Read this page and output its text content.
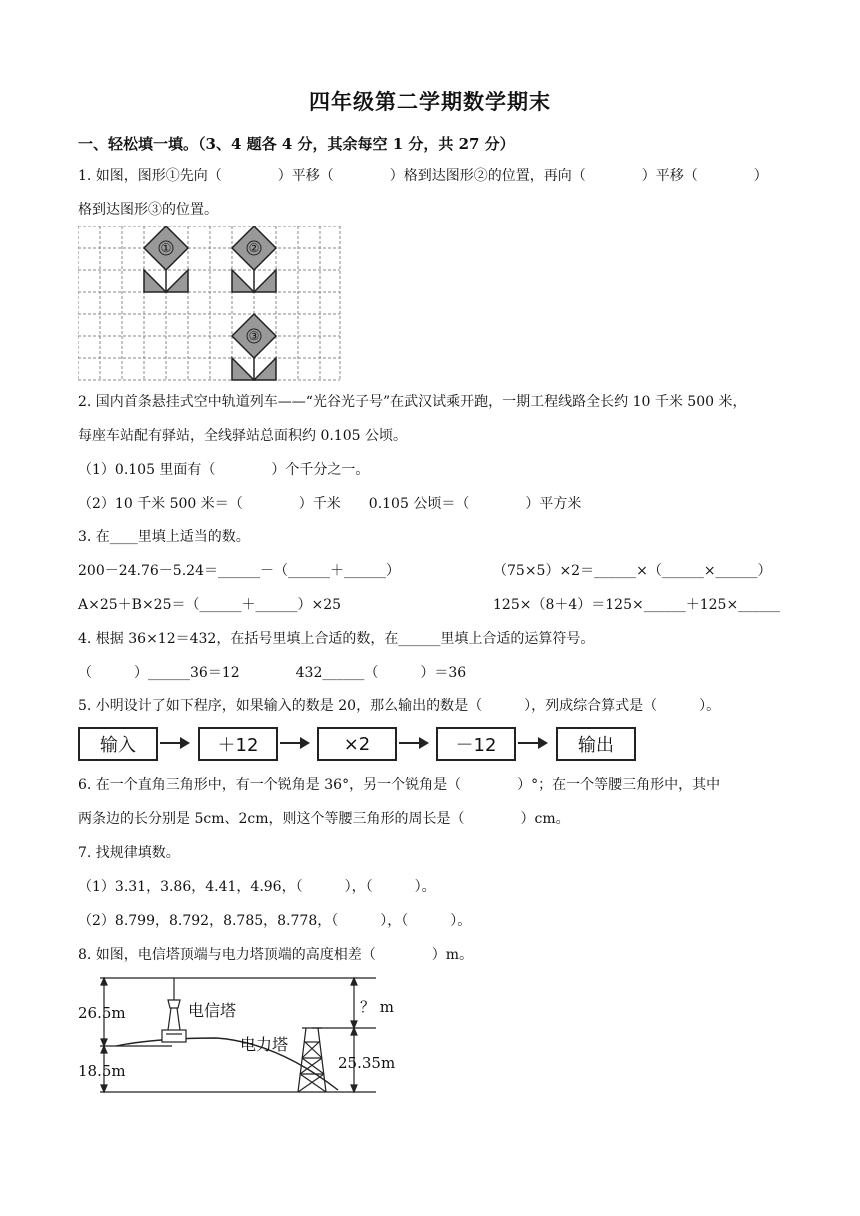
四年级第二学期数学期末
一、轻松填一填。（3、4 题各 4 分，其余每空 1 分，共 27 分）
1. 如图，图形①先向（　　　　）平移（　　　　）格到达图形②的位置，再向（　　　　）平移（　　　　）
格到达图形③的位置。
①	②
③
2. 国内首条悬挂式空中轨道列车——“光谷光子号”在武汉试乘开跑，一期工程线路全长约 10 千米 500 米，
每座车站配有驿站，全线驿站总面积约 0.105 公顷。
（1）0.105 里面有（　　　　）个千分之一。
（2）10 千米 500 米＝（　　　　）千米　　0.105 公顷＝（　　　　）平方米
3. 在____里填上适当的数。
200－24.76－5.24＝______－（______＋______）	（75×5）×2＝______×（______×______）
A×25＋B×25＝（______＋______）×25	125×（8＋4）＝125×______＋125×______
4. 根据 36×12＝432，在括号里填上合适的数，在______里填上合适的运算符号。
（　　　）______36＝12　　　　432______（　　　）＝36
5. 小明设计了如下程序，如果输入的数是 20，那么输出的数是（　　　），列成综合算式是（　　　）。
输入	＋12	×2	－12	输出
6. 在一个直角三角形中，有一个锐角是 36°，另一个锐角是（　　　　）°；在一个等腰三角形中，其中
两条边的长分别是 5cm、2cm，则这个等腰三角形的周长是（　　　　）cm。
7. 找规律填数。
（1）3.31，3.86，4.41，4.96，（　　　），（　　　）。
（2）8.799，8.792，8.785，8.778，（　　　），（　　　）。
8. 如图，电信塔顶端与电力塔顶端的高度相差（　　　　）m。
26.5m
18.5m
电信塔
电力塔
？ m
25.35m
